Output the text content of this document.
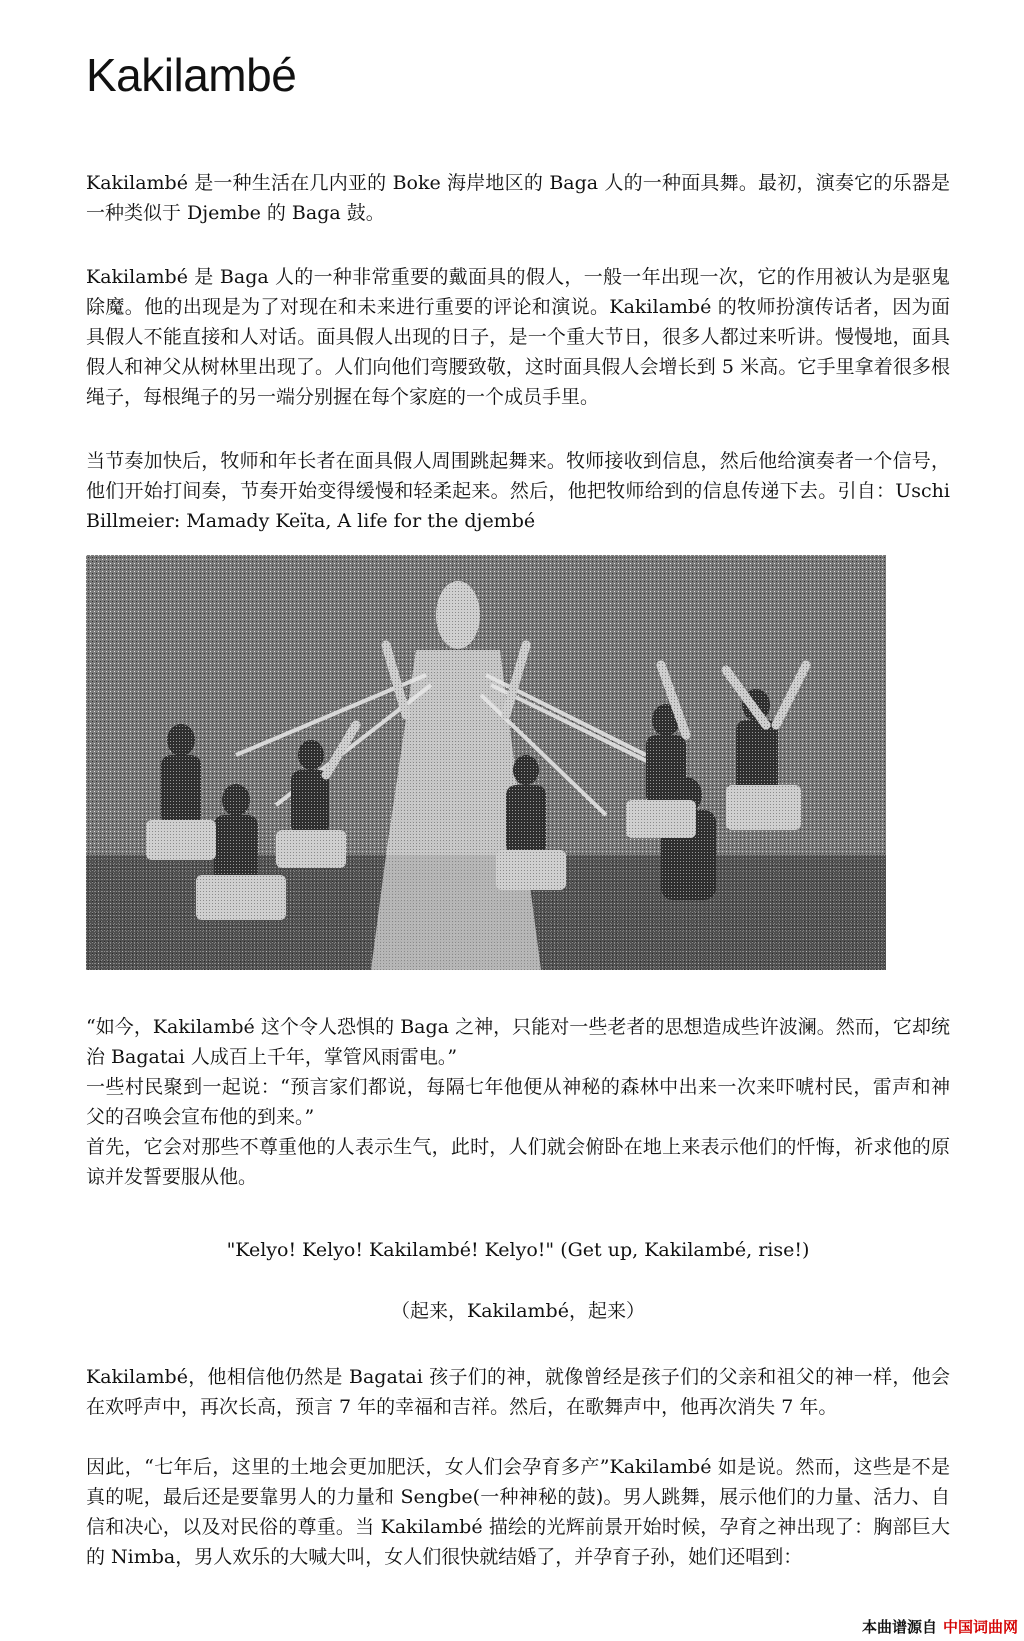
Kakilambé

Kakilambé 是一种生活在几内亚的 Boke 海岸地区的 Baga 人的一种面具舞。最初，演奏它的乐器是一种类似于 Djembe 的 Baga 鼓。

Kakilambé 是 Baga 人的一种非常重要的戴面具的假人，一般一年出现一次，它的作用被认为是驱鬼除魔。他的出现是为了对现在和未来进行重要的评论和演说。Kakilambé 的牧师扮演传话者，因为面具假人不能直接和人对话。面具假人出现的日子，是一个重大节日，很多人都过来听讲。慢慢地，面具假人和神父从树林里出现了。人们向他们弯腰致敬，这时面具假人会增长到 5 米高。它手里拿着很多根绳子，每根绳子的另一端分别握在每个家庭的一个成员手里。

当节奏加快后，牧师和年长者在面具假人周围跳起舞来。牧师接收到信息，然后他给演奏者一个信号，他们开始打间奏，节奏开始变得缓慢和轻柔起来。然后，他把牧师给到的信息传递下去。引自：Uschi Billmeier: Mamady Keïta, A life for the djembé

“如今，Kakilambé 这个令人恐惧的 Baga 之神，只能对一些老者的思想造成些许波澜。然而，它却统治 Bagatai 人成百上千年，掌管风雨雷电。”

一些村民聚到一起说：“预言家们都说，每隔七年他便从神秘的森林中出来一次来吓唬村民，雷声和神父的召唤会宣布他的到来。”

首先，它会对那些不尊重他的人表示生气，此时，人们就会俯卧在地上来表示他们的忏悔，祈求他的原谅并发誓要服从他。

"Kelyo! Kelyo! Kakilambé! Kelyo!" (Get up, Kakilambé, rise!)

（起来，Kakilambé，起来）

Kakilambé，他相信他仍然是 Bagatai 孩子们的神，就像曾经是孩子们的父亲和祖父的神一样，他会在欢呼声中，再次长高，预言 7 年的幸福和吉祥。然后，在歌舞声中，他再次消失 7 年。

因此，“七年后，这里的土地会更加肥沃，女人们会孕育多产”Kakilambé 如是说。然而，这些是不是真的呢，最后还是要靠男人的力量和 Sengbe(一种神秘的鼓)。男人跳舞，展示他们的力量、活力、自信和决心，以及对民俗的尊重。当 Kakilambé 描绘的光辉前景开始时候，孕育之神出现了：胸部巨大的 Nimba，男人欢乐的大喊大叫，女人们很快就结婚了，并孕育子孙，她们还唱到：

本曲谱源自 中国词曲网
